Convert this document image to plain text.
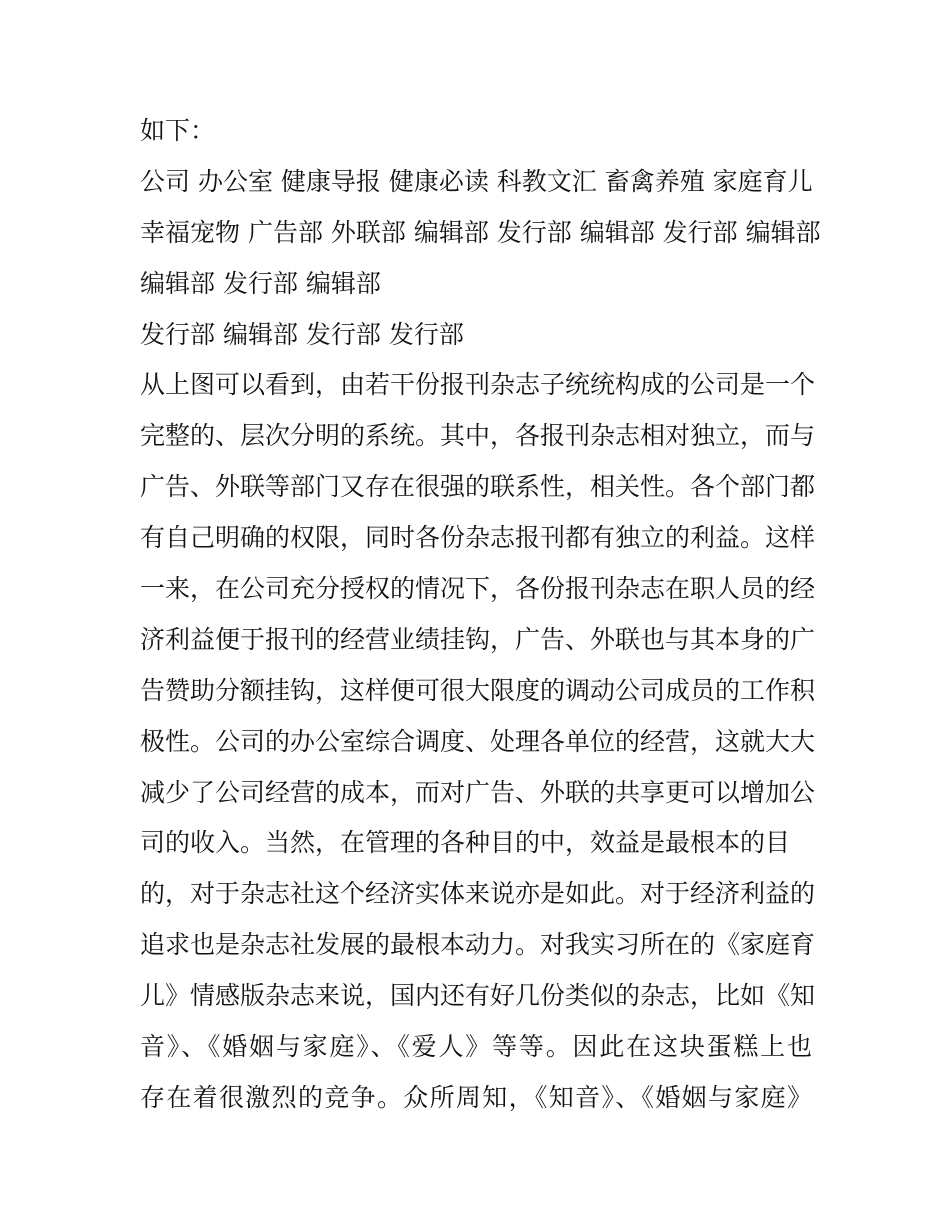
如下：
公司 办公室 健康导报 健康必读 科教文汇 畜禽养殖 家庭育儿
幸福宠物 广告部 外联部 编辑部 发行部 编辑部 发行部 编辑部
编辑部 发行部 编辑部
发行部 编辑部 发行部 发行部
从上图可以看到，由若干份报刊杂志子统统构成的公司是一个
完整的、层次分明的系统。其中，各报刊杂志相对独立，而与
广告、外联等部门又存在很强的联系性，相关性。各个部门都
有自己明确的权限，同时各份杂志报刊都有独立的利益。这样
一来，在公司充分授权的情况下，各份报刊杂志在职人员的经
济利益便于报刊的经营业绩挂钩，广告、外联也与其本身的广
告赞助分额挂钩，这样便可很大限度的调动公司成员的工作积
极性。公司的办公室综合调度、处理各单位的经营，这就大大
减少了公司经营的成本，而对广告、外联的共享更可以增加公
司的收入。当然，在管理的各种目的中，效益是最根本的目
的，对于杂志社这个经济实体来说亦是如此。对于经济利益的
追求也是杂志社发展的最根本动力。对我实习所在的《家庭育
儿》情感版杂志来说，国内还有好几份类似的杂志，比如《知
音》、《婚姻与家庭》、《爱人》等等。因此在这块蛋糕上也
存在着很激烈的竞争。众所周知，《知音》、《婚姻与家庭》
